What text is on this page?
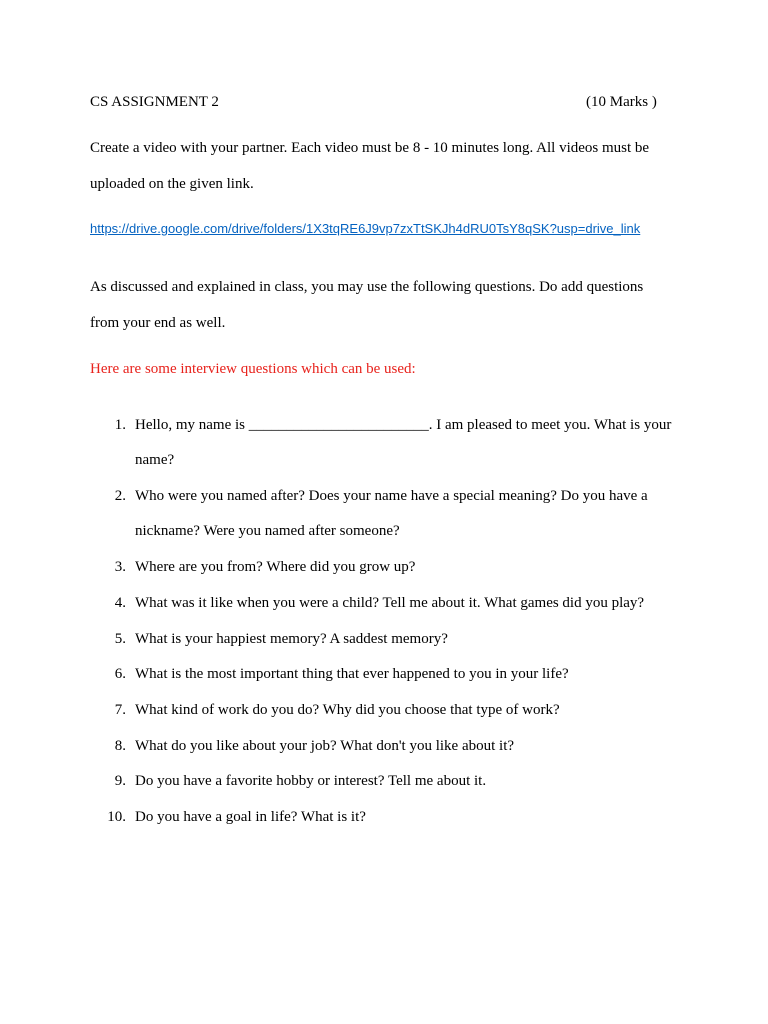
CS ASSIGNMENT 2	(10 Marks )
Create a video with your partner. Each video must be 8 - 10 minutes long. All videos must be
uploaded on the given link.
https://drive.google.com/drive/folders/1X3tqRE6J9vp7zxTtSKJh4dRU0TsY8qSK?usp=drive_link
As discussed and explained in class, you may use the following questions. Do add questions
from your end as well.
Here are some interview questions which can be used:
1. Hello, my name is ________________________. I am pleased to meet you. What is your
name?
2. Who were you named after? Does your name have a special meaning? Do you have a
nickname? Were you named after someone?
3. Where are you from? Where did you grow up?
4. What was it like when you were a child? Tell me about it. What games did you play?
5. What is your happiest memory? A saddest memory?
6. What is the most important thing that ever happened to you in your life?
7. What kind of work do you do? Why did you choose that type of work?
8. What do you like about your job? What don't you like about it?
9. Do you have a favorite hobby or interest? Tell me about it.
10. Do you have a goal in life? What is it?
